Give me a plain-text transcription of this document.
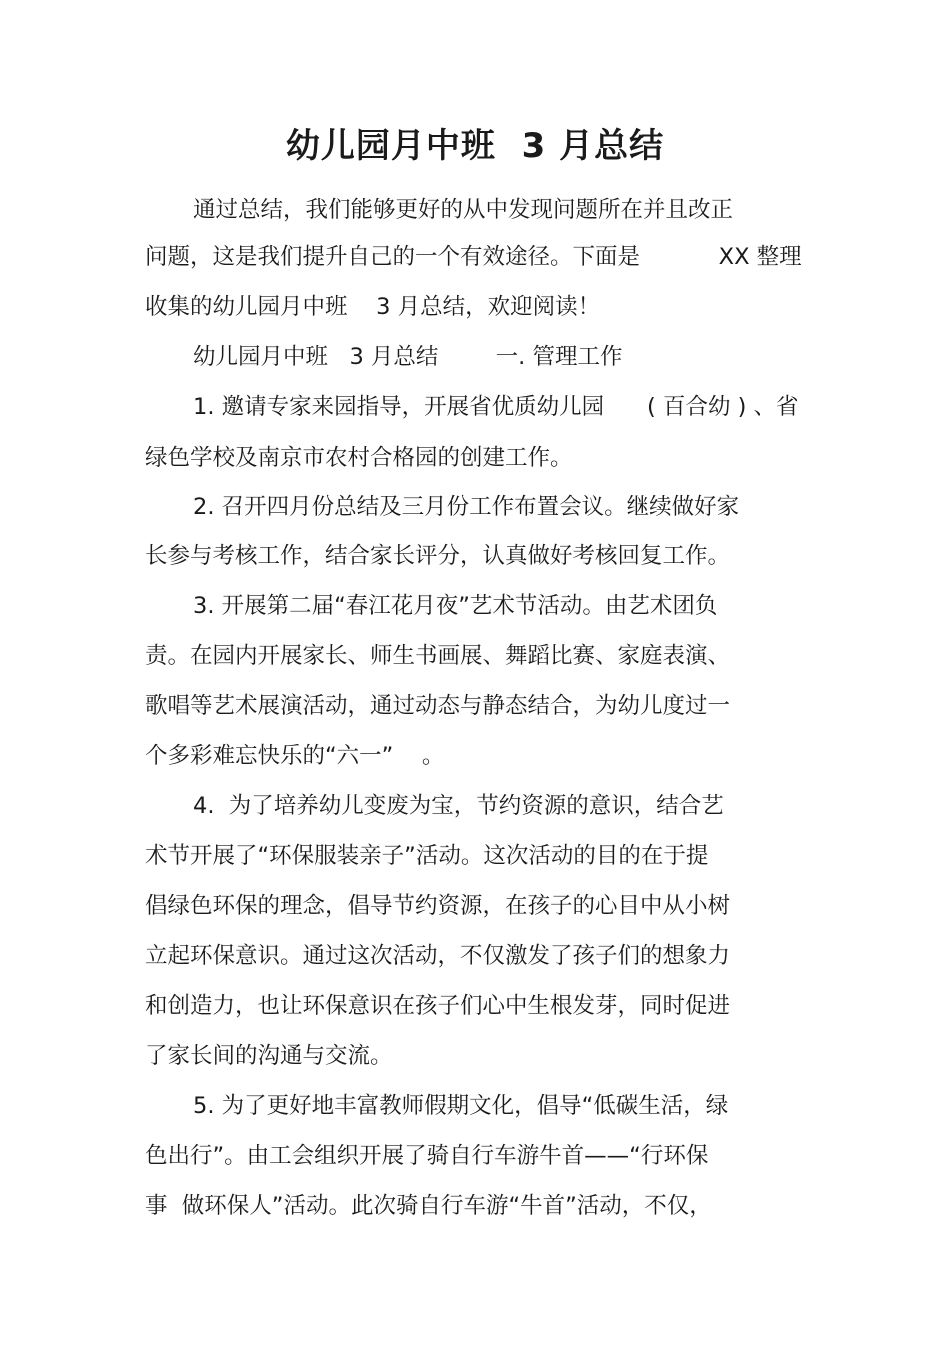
幼儿园月中班  3 月总结

通过总结，我们能够更好的从中发现问题所在并且改正

问题，这是我们提升自己的一个有效途径。下面是           XX 整理

收集的幼儿园月中班    3 月总结，欢迎阅读！

幼儿园月中班   3 月总结        一. 管理工作

1. 邀请专家来园指导，开展省优质幼儿园      ( 百合幼 ) 、省

绿色学校及南京市农村合格园的创建工作。

2. 召开四月份总结及三月份工作布置会议。继续做好家

长参与考核工作，结合家长评分，认真做好考核回复工作。

3. 开展第二届“春江花月夜”艺术节活动。由艺术团负

责。在园内开展家长、师生书画展、舞蹈比赛、家庭表演、

歌唱等艺术展演活动，通过动态与静态结合，为幼儿度过一

个多彩难忘快乐的“六一”    。

4.  为了培养幼儿变废为宝，节约资源的意识，结合艺

术节开展了“环保服装亲子”活动。这次活动的目的在于提

倡绿色环保的理念，倡导节约资源，在孩子的心目中从小树

立起环保意识。通过这次活动，不仅激发了孩子们的想象力

和创造力，也让环保意识在孩子们心中生根发芽，同时促进

了家长间的沟通与交流。

5. 为了更好地丰富教师假期文化，倡导“低碳生活，绿

色出行”。由工会组织开展了骑自行车游牛首——“行环保

事  做环保人”活动。此次骑自行车游“牛首”活动，不仅，
